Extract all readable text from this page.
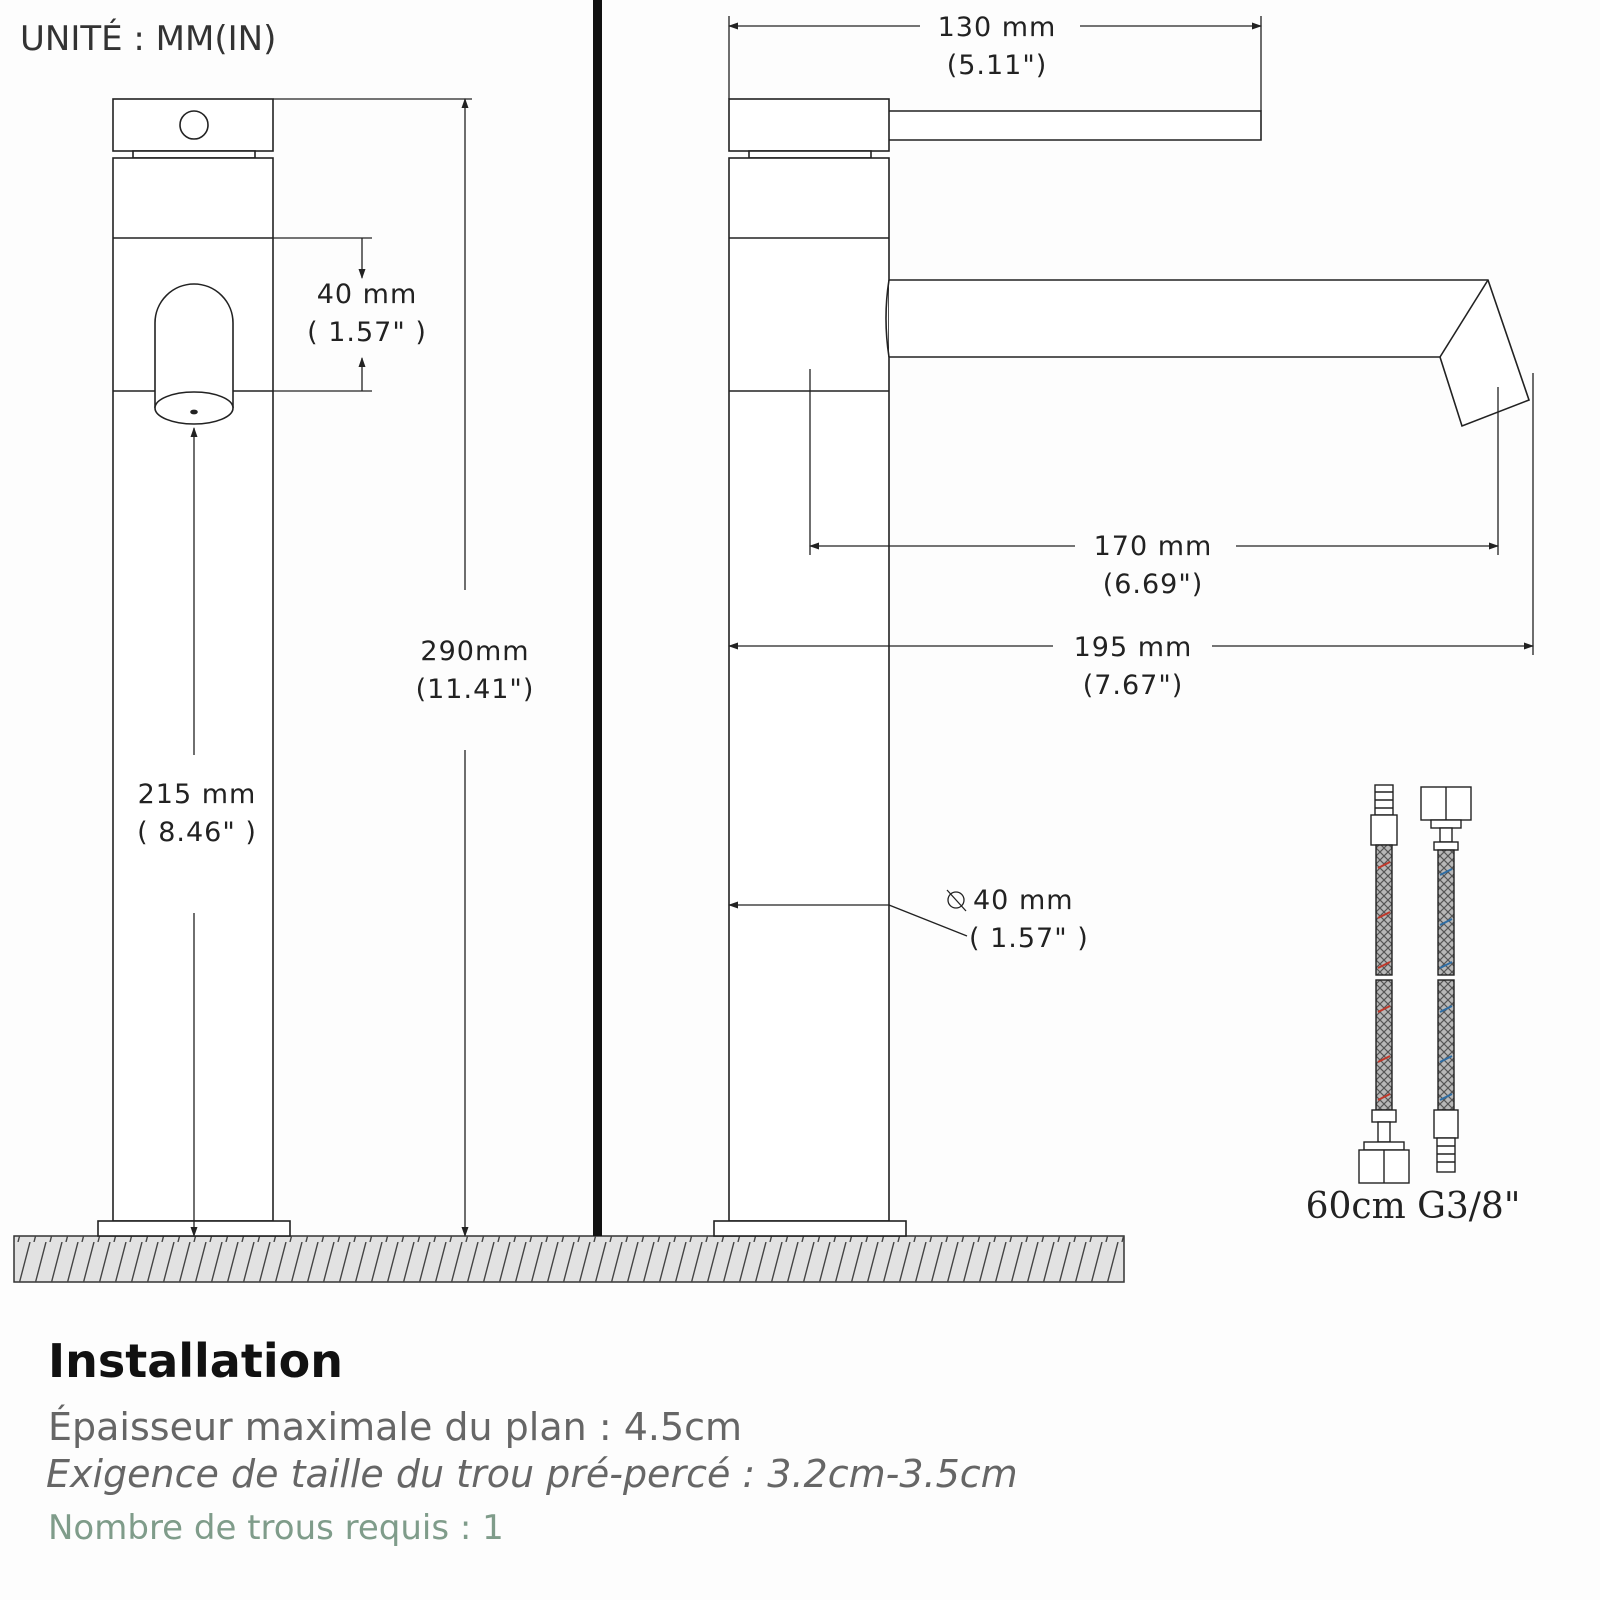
UNITÉ : MM(IN)
290mm
(11.41")
40 mm
( 1.57" )
215 mm
( 8.46" )
130 mm
(5.11")
170 mm
(6.69")
195 mm
(7.67")
40 mm
( 1.57" )
60cm G3/8"
Installation
Épaisseur maximale du plan : 4.5cm
Exigence de taille du trou pré-percé : 3.2cm-3.5cm
Nombre de trous requis : 1
